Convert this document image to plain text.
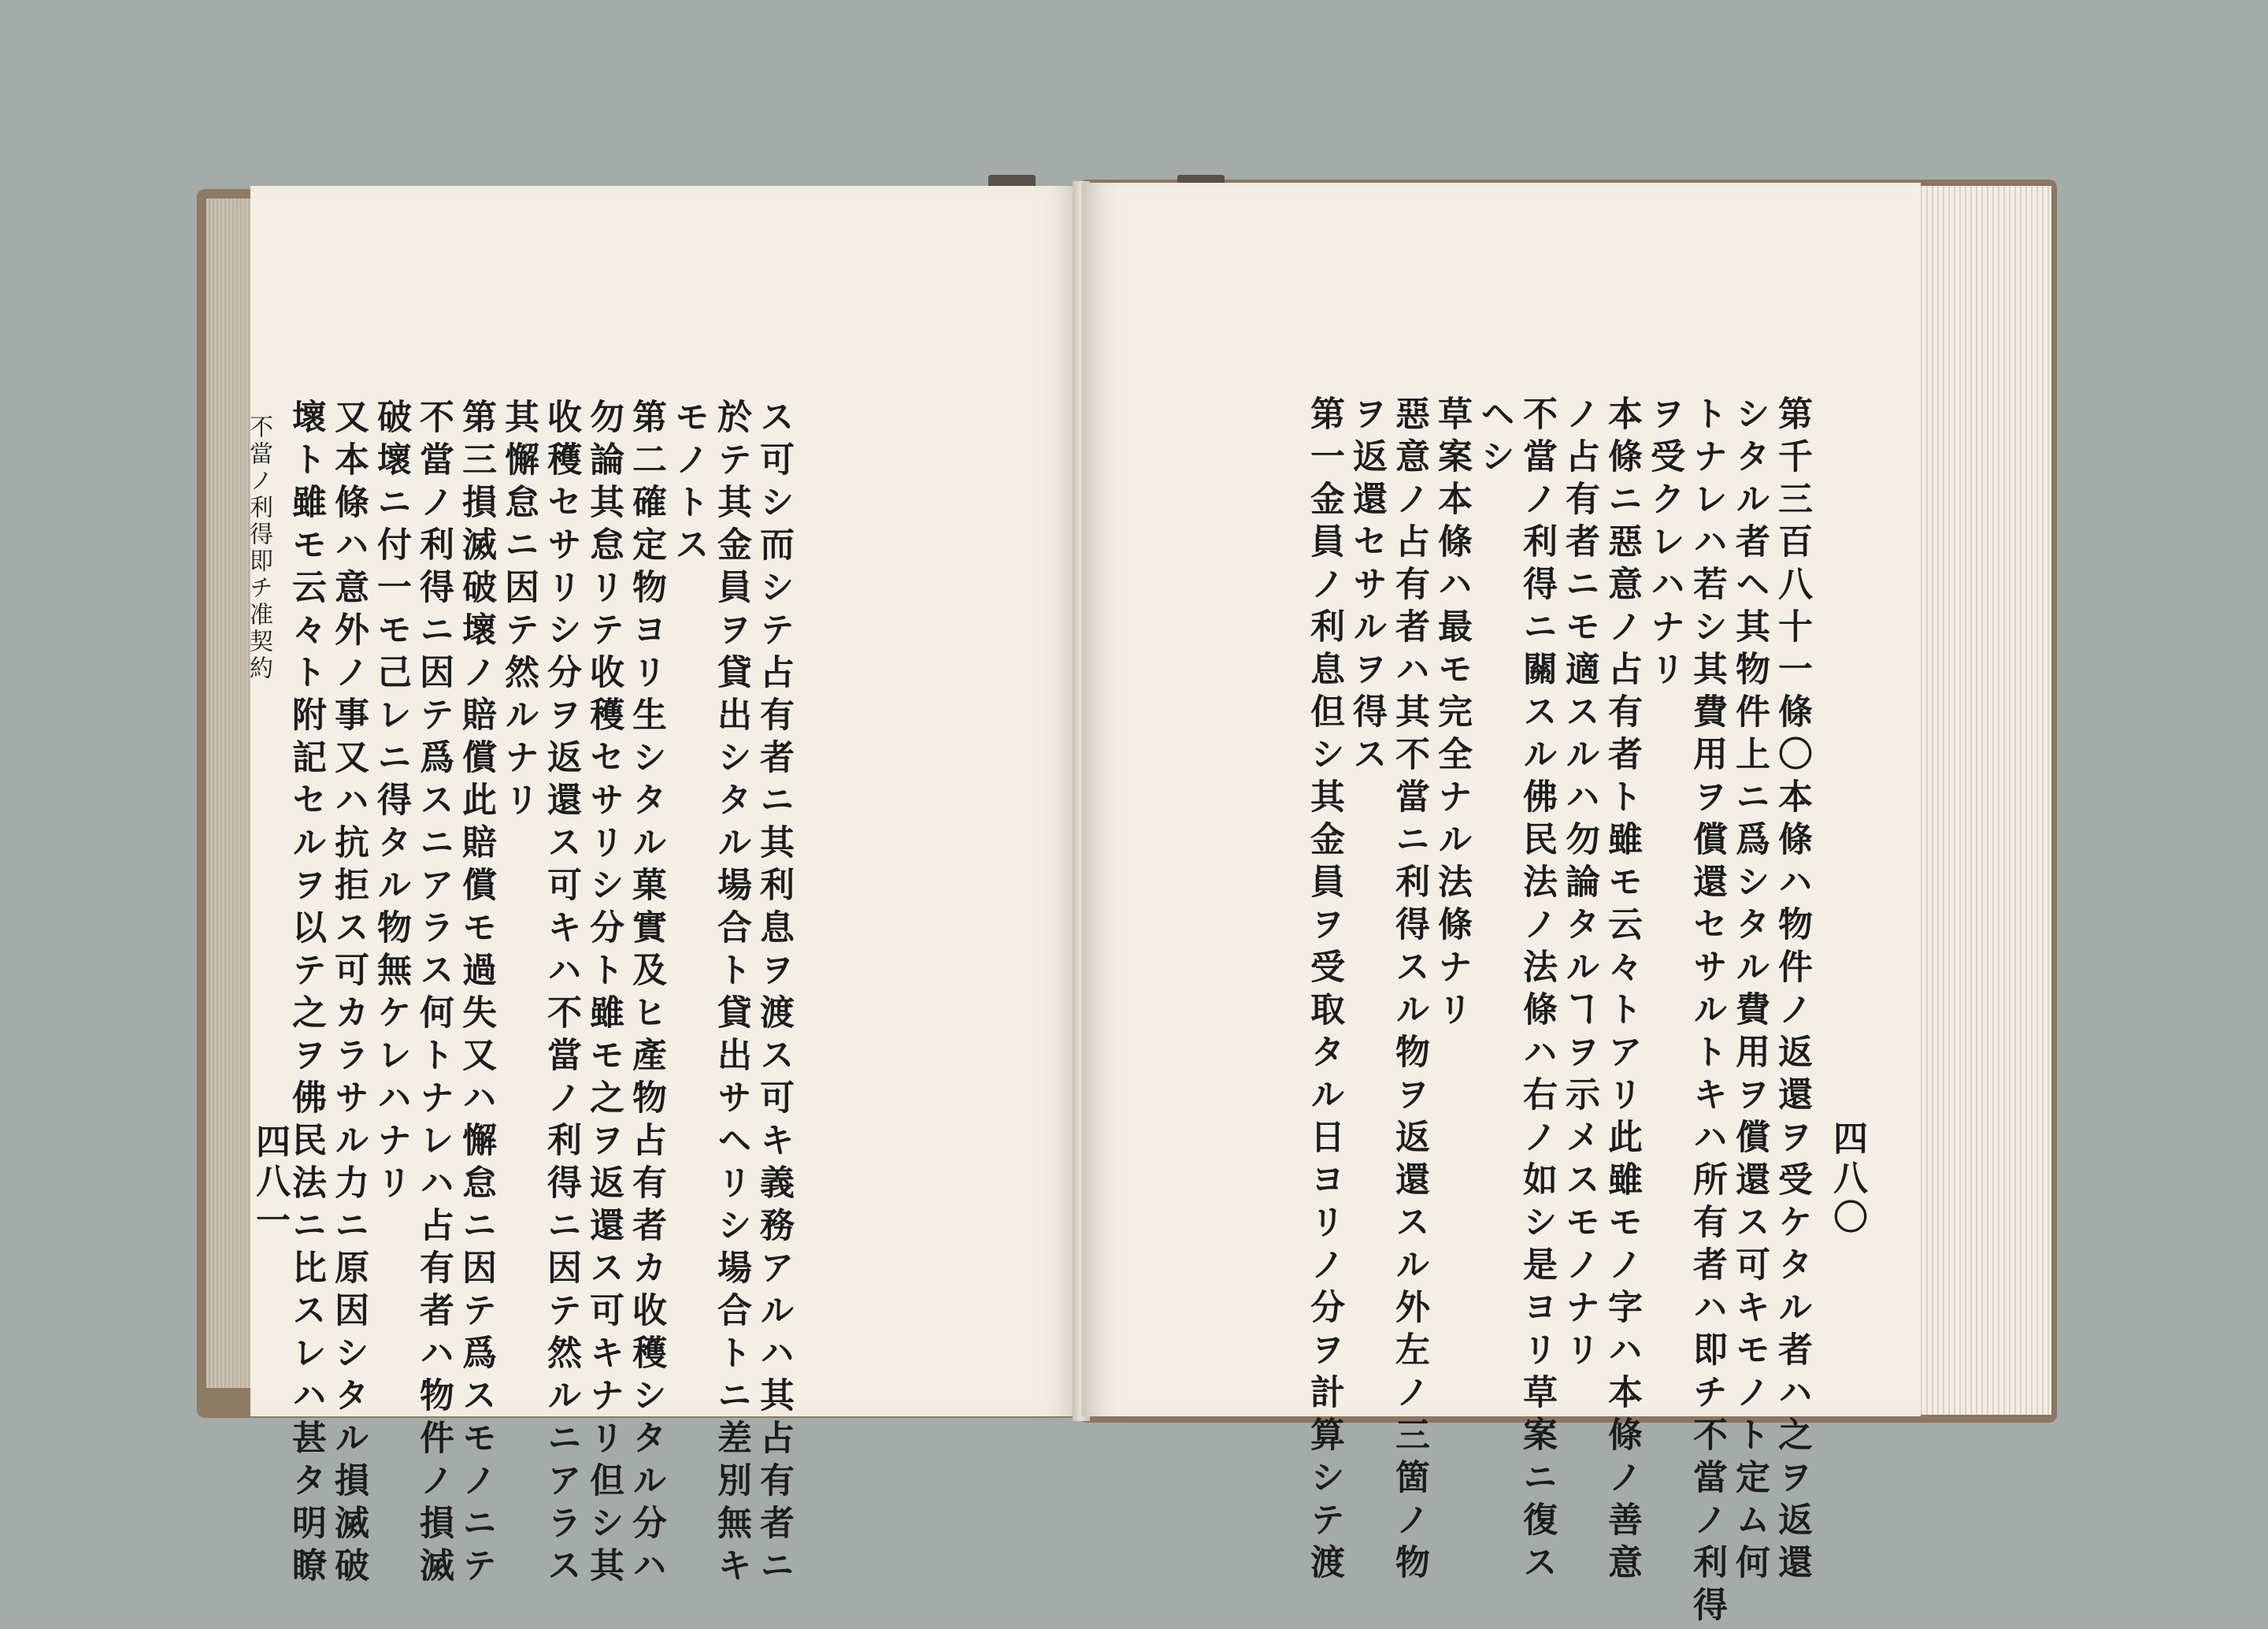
ス可シ而シテ占有者ニ其利息ヲ渡ス可キ義務アルハ其占有者ニ
於テ其金員ヲ貸出シタル場合ト貸出サヘリシ場合トニ差別無キ
モノトス
第二確定物ヨリ生シタル菓實及ヒ產物占有者カ收穫シタル分ハ
勿論其怠リテ收穫セサリシ分ト雖モ之ヲ返還ス可キナリ但シ其
收穫セサリシ分ヲ返還ス可キハ不當ノ利得ニ因テ然ルニアラス
其懈怠ニ因テ然ルナリ
第三損滅破壞ノ賠償此賠償モ過失又ハ懈怠ニ因テ爲スモノニテ
不當ノ利得ニ因テ爲スニアラス何トナレハ占有者ハ物件ノ損滅
破壞ニ付一モ己レニ得タル物無ケレハナリ
又本條ハ意外ノ事又ハ抗拒ス可カラサル力ニ原因シタル損滅破
壞ト雖モ云々ト附記セルヲ以テ之ヲ佛民法ニ比スレハ甚タ明瞭
不當ノ利得即チ准契約
四八一	第千三百八十一條〇本條ハ物件ノ返還ヲ受ケタル者ハ之ヲ返還
シタル者ヘ其物件上ニ爲シタル費用ヲ償還ス可キモノト定ム何
トナレハ若シ其費用ヲ償還セサルトキハ所有者ハ即チ不當ノ利得
ヲ受クレハナリ
本條ニ惡意ノ占有者ト雖モ云々トアリ此雖モノ字ハ本條ノ善意
ノ占有者ニモ適スルハ勿論タルヿヲ示メスモノナリ
不當ノ利得ニ關スル佛民法ノ法條ハ右ノ如シ是ヨリ草案ニ復ス
ヘシ
草案本條ハ最モ完全ナル法條ナリ
惡意ノ占有者ハ其不當ニ利得スル物ヲ返還スル外左ノ三箇ノ物
ヲ返還セサルヲ得ス
第一金員ノ利息但シ其金員ヲ受取タル日ヨリノ分ヲ計算シテ渡	四八〇
